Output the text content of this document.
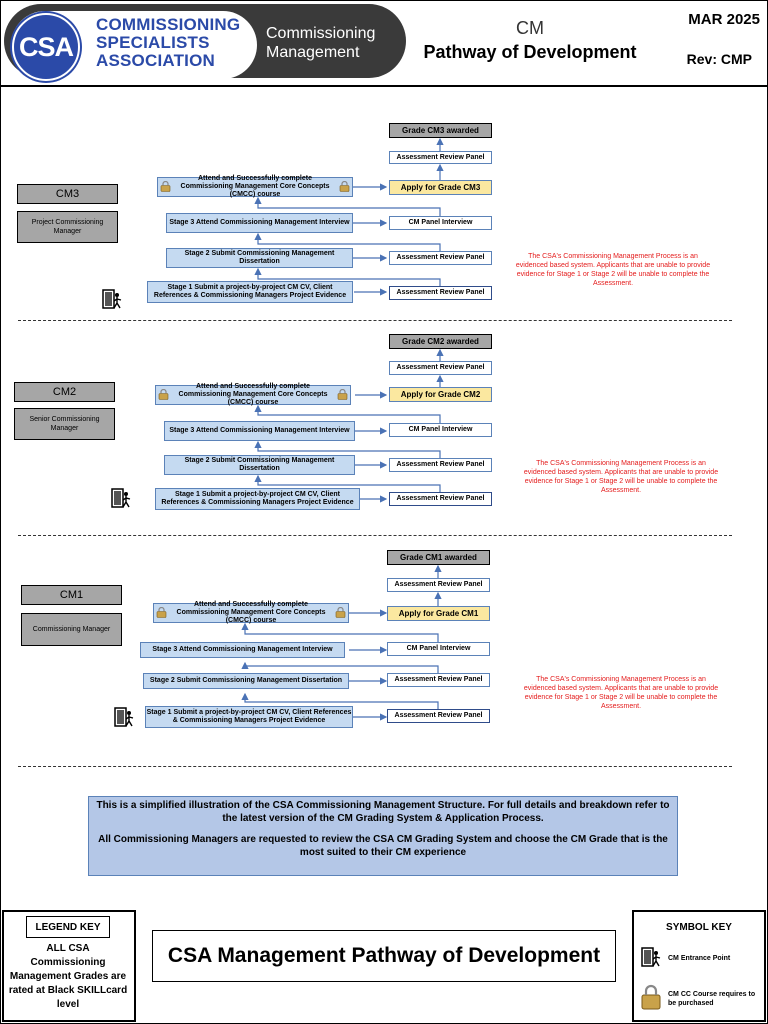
CSA
COMMISSIONING
SPECIALISTS
ASSOCIATION
Commissioning
Management
CM
Pathway of Development
MAR 2025
Rev: CMP
CM3
Project Commissioning Manager
Grade CM3 awarded
Assessment Review Panel
Attend and Successfully complete Commissioning Management Core Concepts (CMCC) course
Apply for Grade CM3
Stage 3 Attend Commissioning Management Interview	CM Panel Interview
Stage 2 Submit Commissioning Management Dissertation
Assessment Review Panel
Stage 1 Submit a project-by-project CM CV, Client References & Commissioning Managers Project Evidence	Assessment Review Panel
The CSA's Commissioning Management Process is an evidenced based system. Applicants that are unable to provide evidence for Stage 1 or Stage 2 will be unable to complete the Assessment.
CM2
Senior Commissioning Manager
Grade CM2 awarded
Assessment Review Panel
Attend and Successfully complete Commissioning Management Core Concepts (CMCC) course
Apply for Grade CM2
Stage 3 Attend Commissioning Management Interview	CM Panel Interview
Stage 2 Submit Commissioning Management Dissertation
Assessment Review Panel
Stage 1 Submit a project-by-project CM CV, Client References & Commissioning Managers Project Evidence
Assessment Review Panel
The CSA's Commissioning Management Process is an evidenced based system. Applicants that are unable to provide evidence for Stage 1 or Stage 2 will be unable to complete the Assessment.
CM1
Commissioning Manager
Grade CM1 awarded
Assessment Review Panel
Attend and Successfully complete Commissioning Management Core Concepts (CMCC) course
Apply for Grade CM1
Stage 3 Attend Commissioning Management Interview	CM Panel Interview
Stage 2 Submit Commissioning Management Dissertation	Assessment Review Panel
Stage 1 Submit a project-by-project CM CV, Client References & Commissioning Managers Project Evidence
Assessment Review Panel
The CSA's Commissioning Management Process is an evidenced based system. Applicants that are unable to provide evidence for Stage 1 or Stage 2 will be unable to complete the Assessment.

This is a simplified illustration of the CSA Commissioning Management Structure. For full details and breakdown refer to the latest version of the CM Grading System & Application Process.

All Commissioning Managers are requested to review the CSA CM Grading System and choose the CM Grade that is the most suited to their CM experience

LEGEND KEY
ALL CSA Commissioning Management Grades are rated at Black SKILLcard level
CSA Management Pathway of Development
SYMBOL KEY
CM Entrance Point
CM CC Course requires to be purchased
